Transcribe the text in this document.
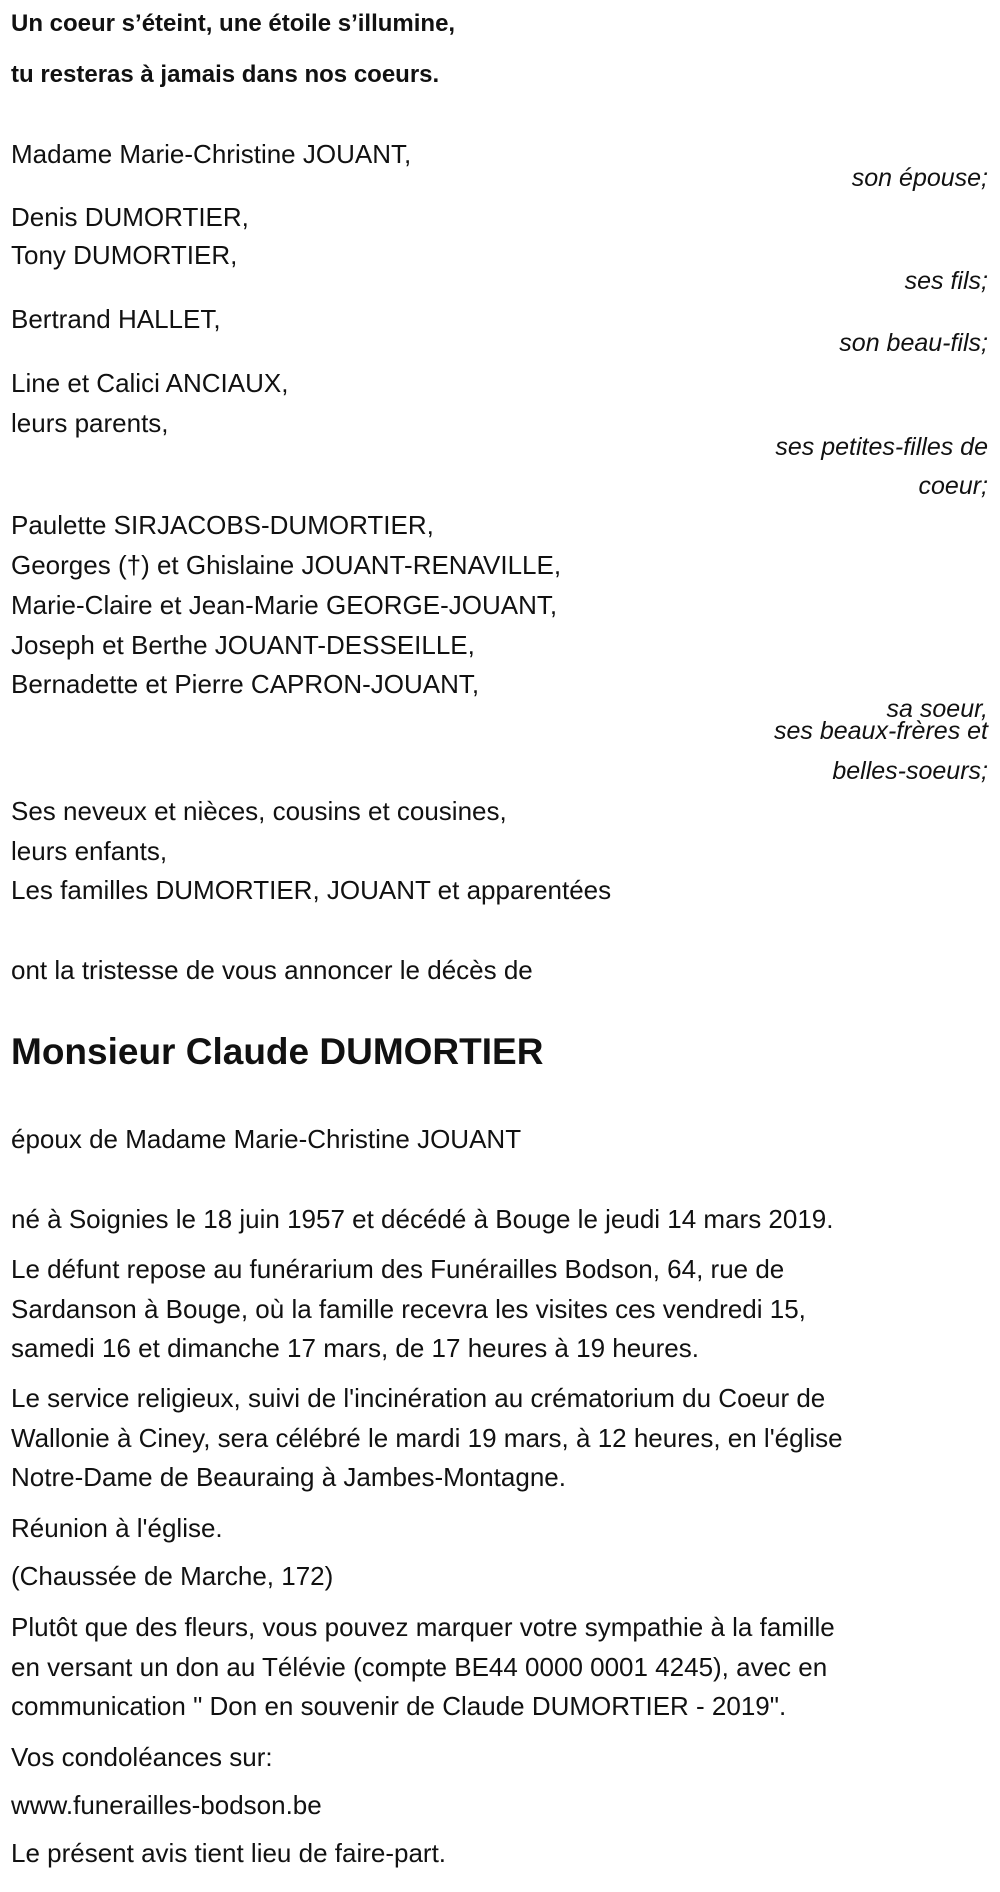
Un coeur s’éteint, une étoile s’illumine,
tu resteras à jamais dans nos coeurs.
Madame Marie-Christine JOUANT,
son épouse;
Denis DUMORTIER,
Tony DUMORTIER,
ses fils;
Bertrand HALLET,
son beau-fils;
Line et Calici ANCIAUX,
leurs parents,
ses petites-filles de
coeur;
Paulette SIRJACOBS-DUMORTIER,
Georges (†) et Ghislaine JOUANT-RENAVILLE,
Marie-Claire et Jean-Marie GEORGE-JOUANT,
Joseph et Berthe JOUANT-DESSEILLE,
Bernadette et Pierre CAPRON-JOUANT,
sa soeur,
ses beaux-frères et
belles-soeurs;
Ses neveux et nièces, cousins et cousines,
leurs enfants,
Les familles DUMORTIER, JOUANT et apparentées
ont la tristesse de vous annoncer le décès de
Monsieur Claude DUMORTIER
époux de Madame Marie-Christine JOUANT
né à Soignies le 18 juin 1957 et décédé à Bouge le jeudi 14 mars 2019.
Le défunt repose au funérarium des Funérailles Bodson, 64, rue de
Sardanson à Bouge, où la famille recevra les visites ces vendredi 15,
samedi 16 et dimanche 17 mars, de 17 heures à 19 heures.
Le service religieux, suivi de l'incinération au crématorium du Coeur de
Wallonie à Ciney, sera célébré le mardi 19 mars, à 12 heures, en l'église
Notre-Dame de Beauraing à Jambes-Montagne.
Réunion à l'église.
(Chaussée de Marche, 172)
Plutôt que des fleurs, vous pouvez marquer votre sympathie à la famille
en versant un don au Télévie (compte BE44 0000 0001 4245), avec en
communication " Don en souvenir de Claude DUMORTIER - 2019".
Vos condoléances sur:
www.funerailles-bodson.be
Le présent avis tient lieu de faire-part.
